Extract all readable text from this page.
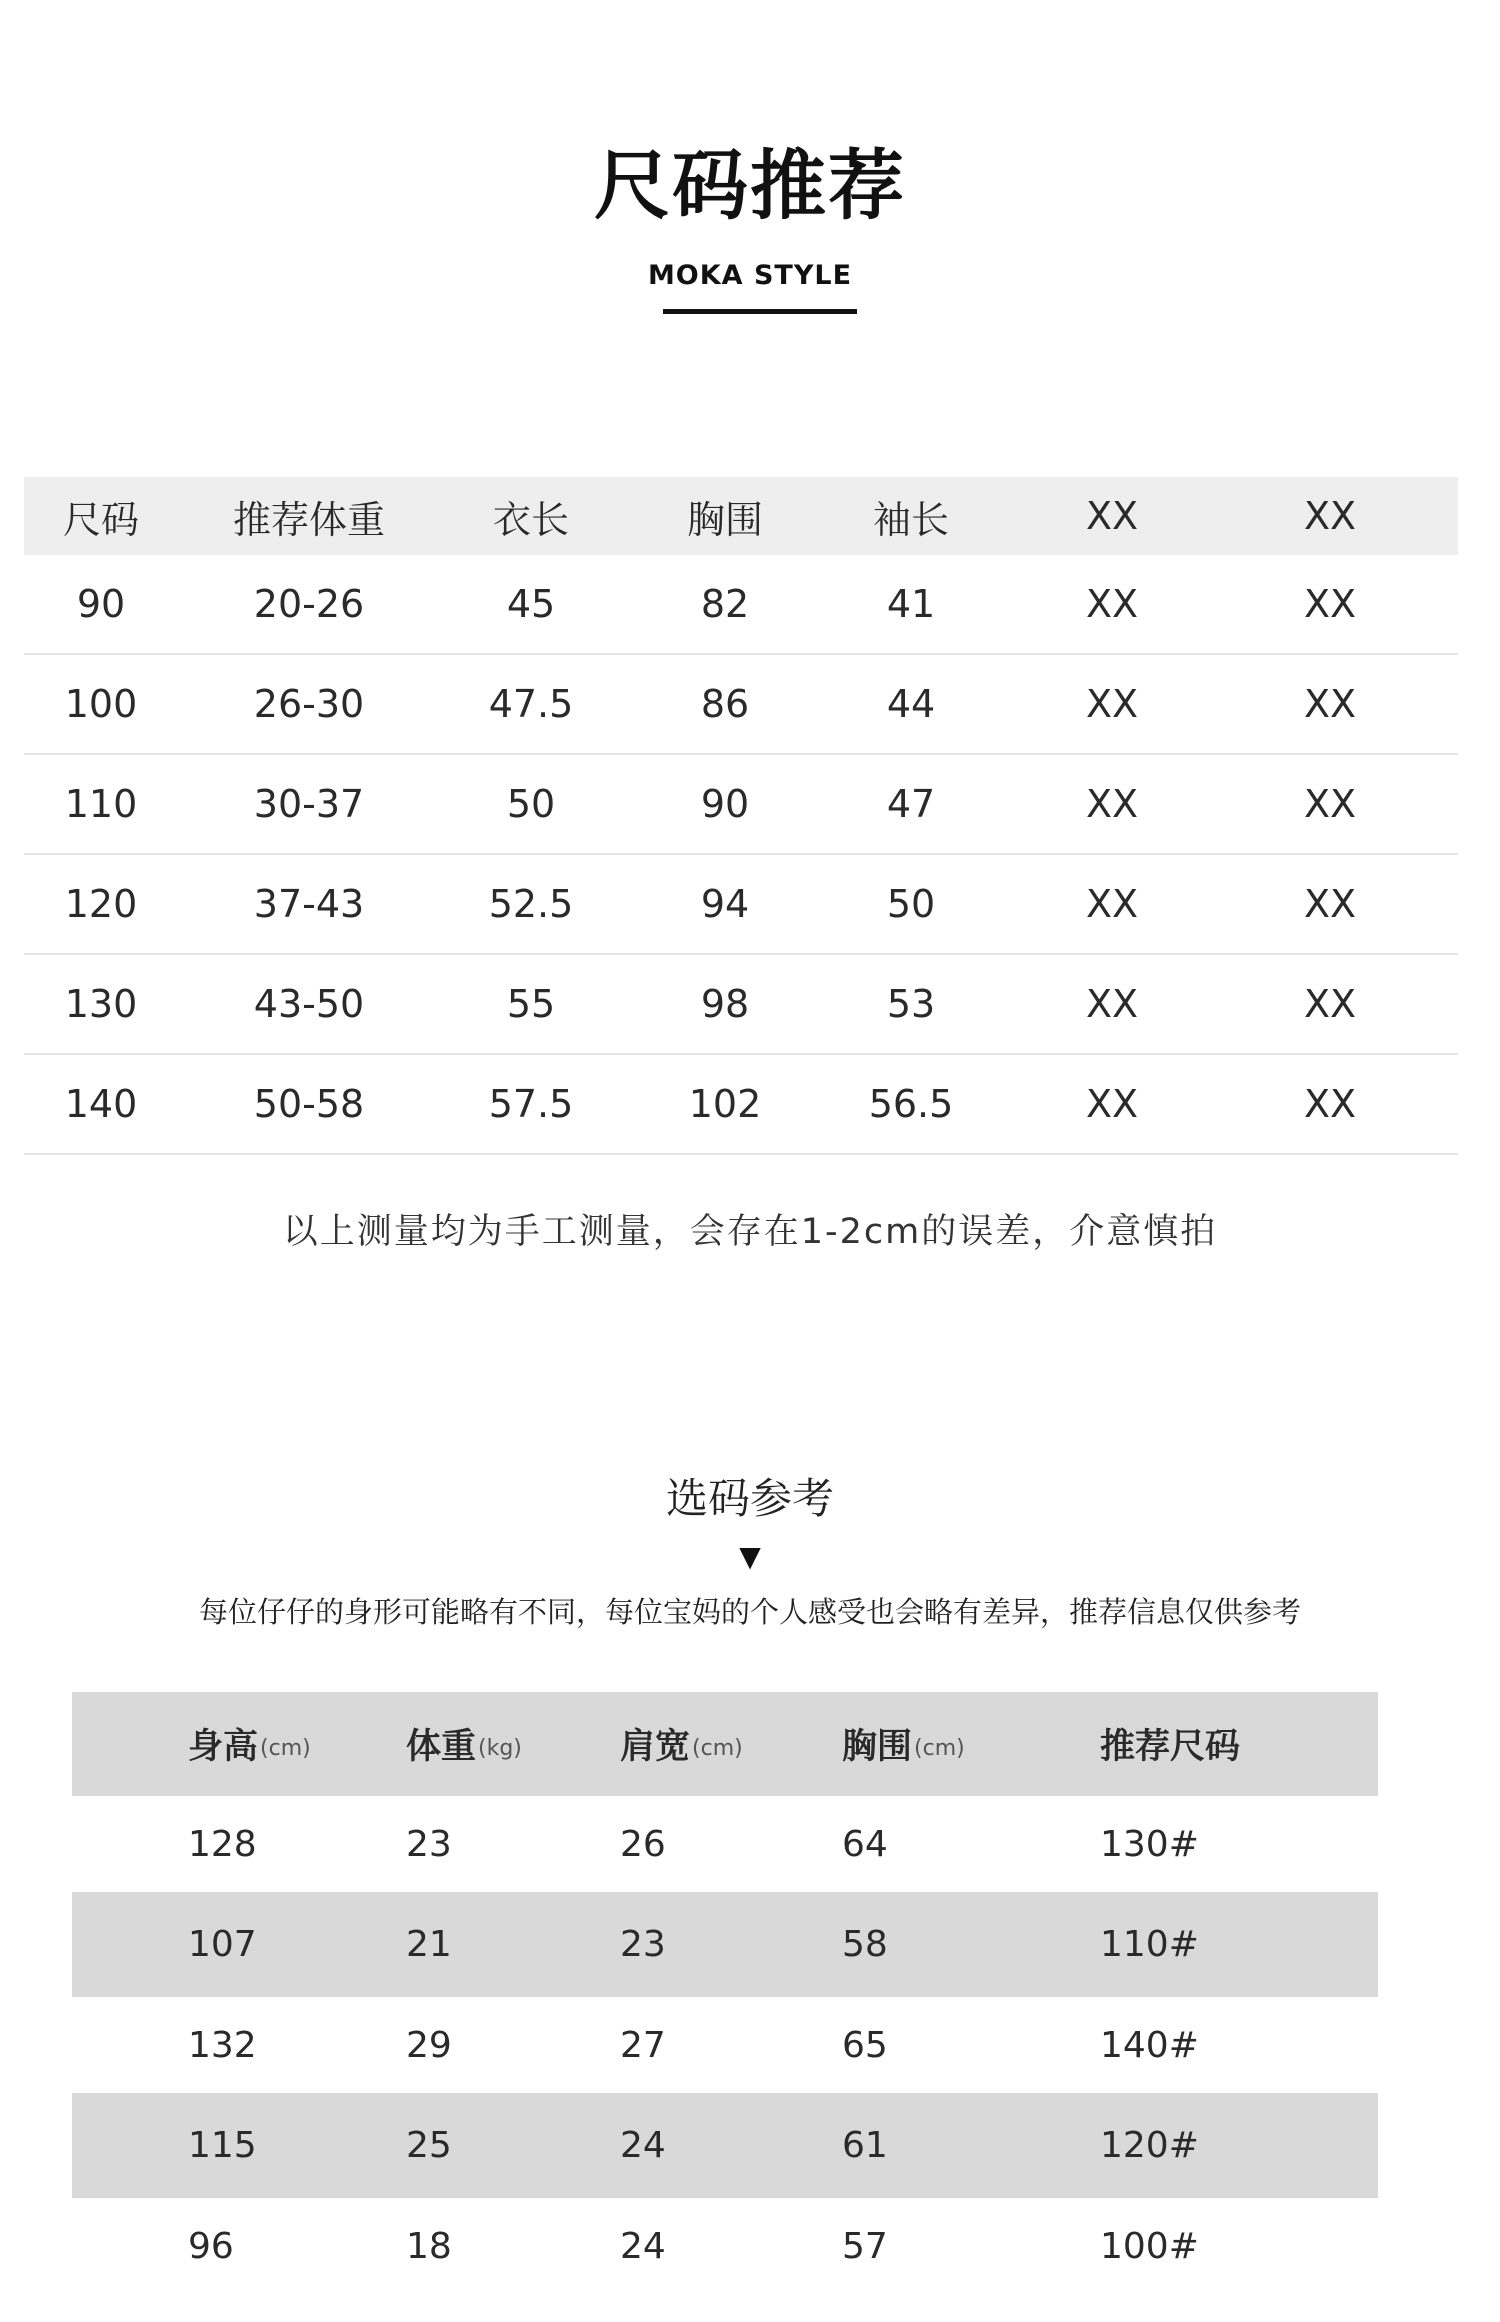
尺码推荐
MOKA STYLE
尺码	推荐体重	衣长	胸围	袖长	XX	XX
90	20-26	45	82	41	XX	XX
100	26-30	47.5	86	44	XX	XX
110	30-37	50	90	47	XX	XX
120	37-43	52.5	94	50	XX	XX
130	43-50	55	98	53	XX	XX
140	50-58	57.5	102	56.5	XX	XX
以上测量均为手工测量，会存在1-2cm的误差，介意慎拍
选码参考
▼
每位仔仔的身形可能略有不同，每位宝妈的个人感受也会略有差异，推荐信息仅供参考
身高 (cm)	体重 (kg)	肩宽 (cm)	胸围 (cm)	推荐尺码
128	23	26	64	130#
107	21	23	58	110#
132	29	27	65	140#
115	25	24	61	120#
96	18	24	57	100#
